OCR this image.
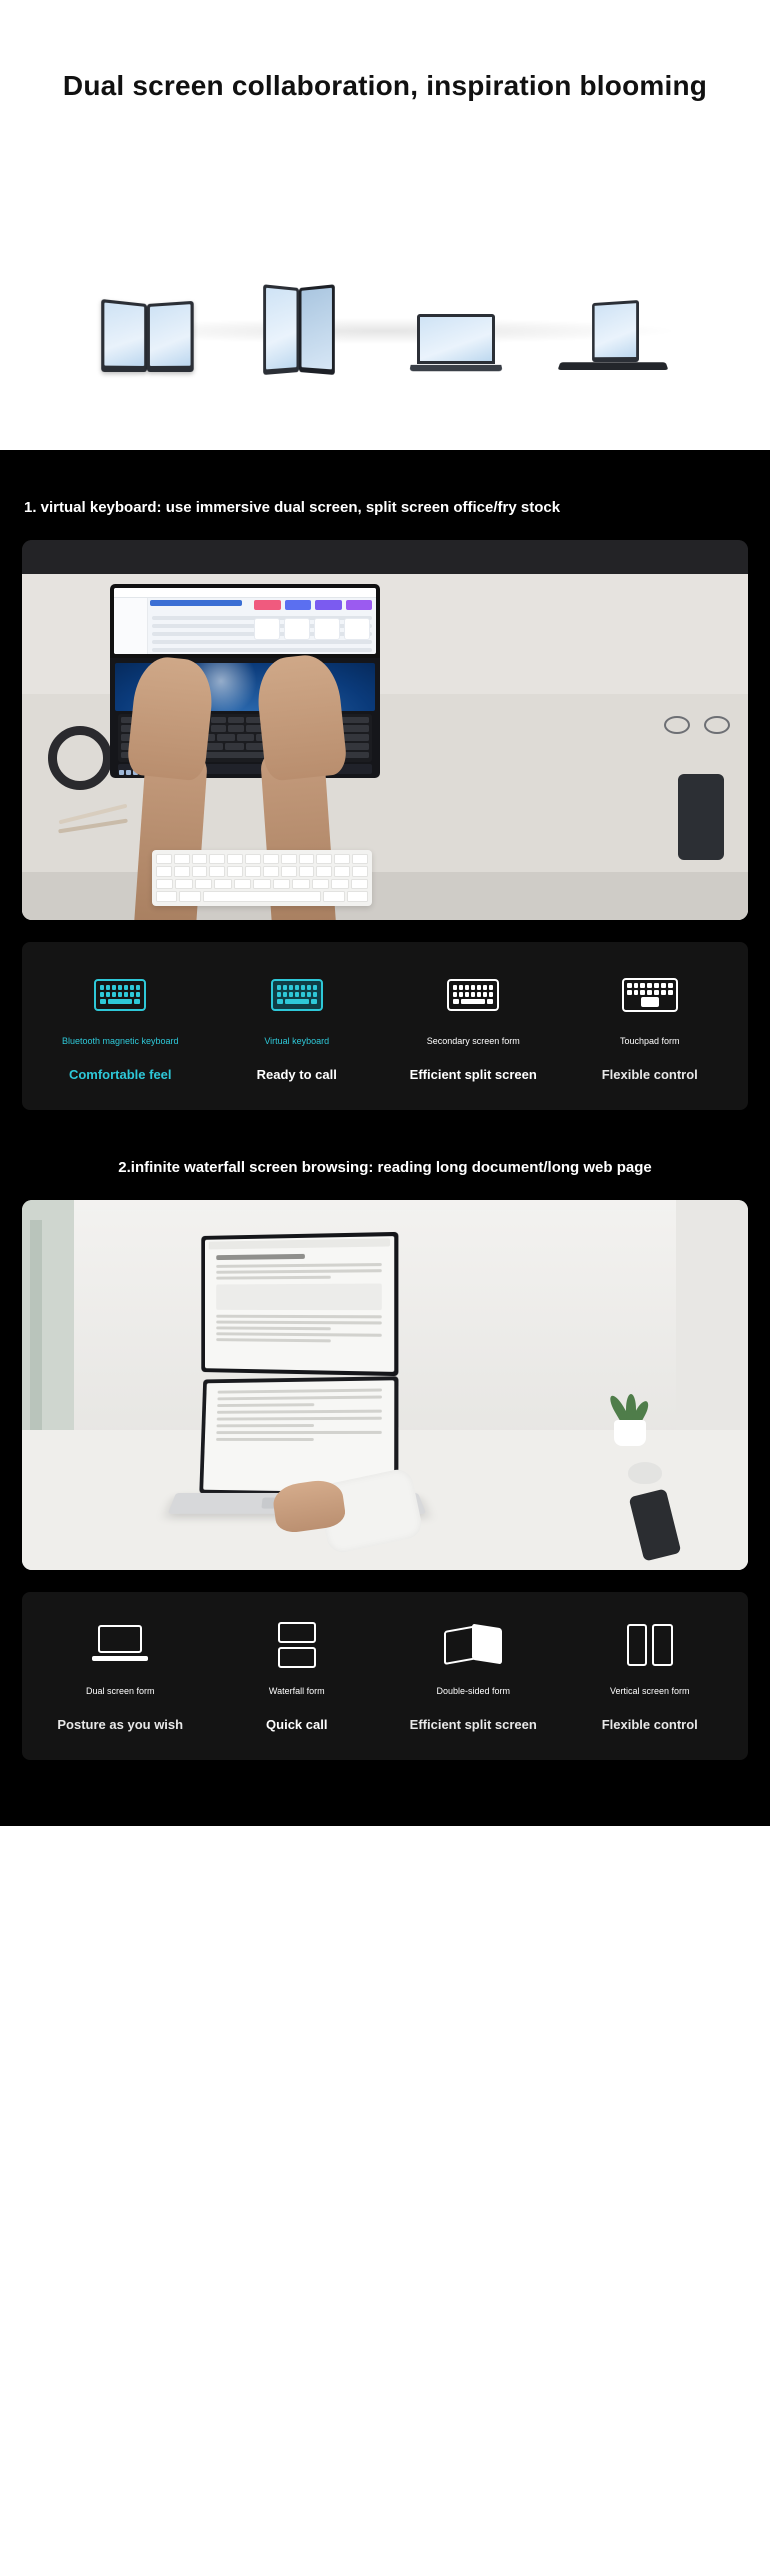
Dual screen collaboration, inspiration blooming
1. virtual keyboard: use immersive dual screen, split screen office/fry stock
Bluetooth magnetic keyboard
Comfortable feel
Virtual keyboard
Ready to call
Secondary screen form
Efficient split screen
Touchpad form
Flexible control
2.infinite waterfall screen browsing: reading long document/long web page
Dual screen form
Posture as you wish
Waterfall form
Quick call
Double-sided form
Efficient split screen
Vertical screen form
Flexible control
